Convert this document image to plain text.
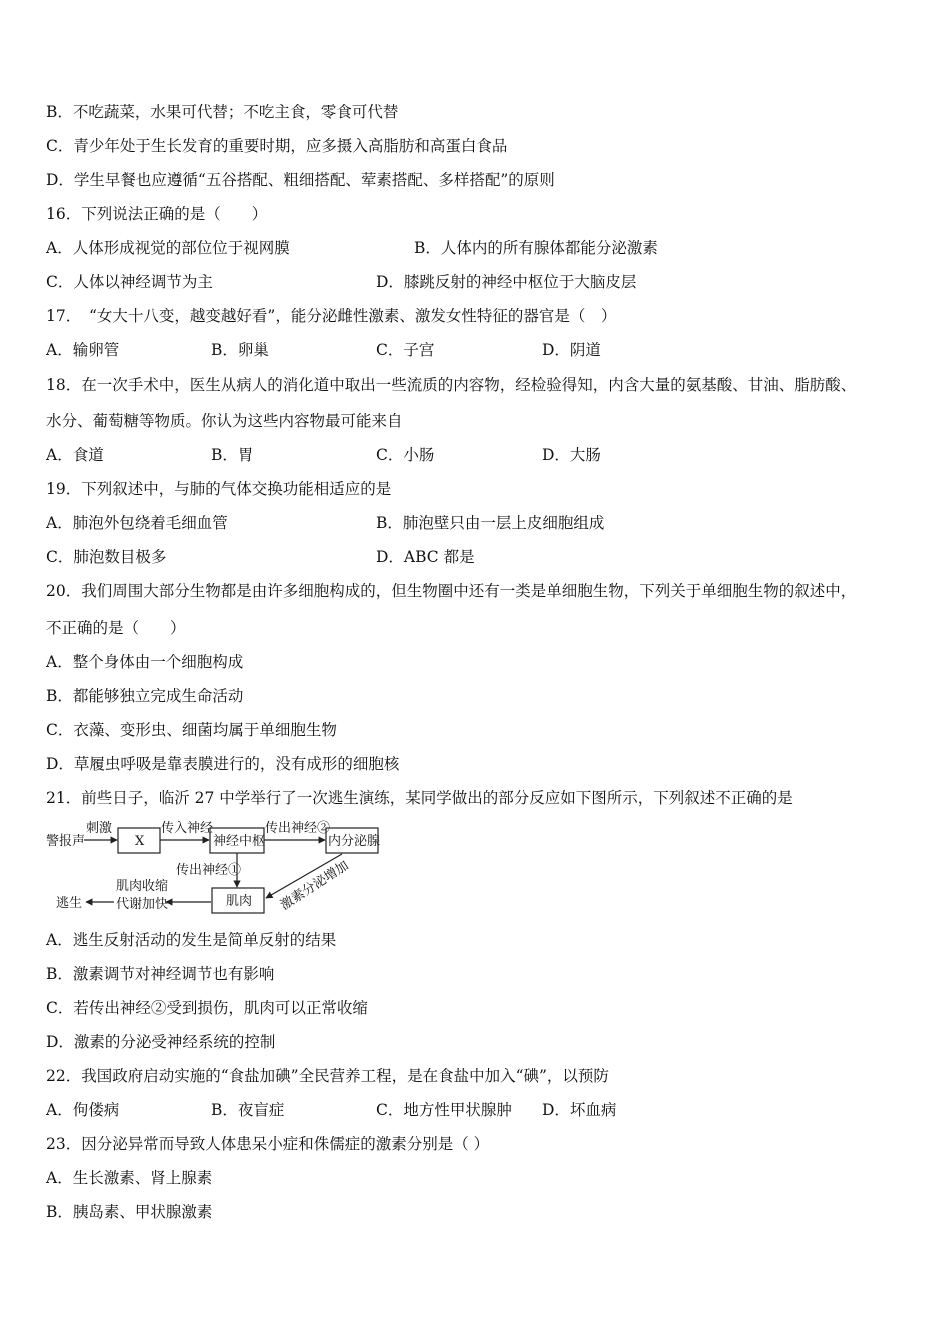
B．不吃蔬菜，水果可代替；不吃主食，零食可代替
C．青少年处于生长发育的重要时期，应多摄入高脂肪和高蛋白食品
D．学生早餐也应遵循“五谷搭配、粗细搭配、荤素搭配、多样搭配”的原则
16．下列说法正确的是（　　）
A．人体形成视觉的部位位于视网膜	B．人体内的所有腺体都能分泌激素
C．人体以神经调节为主	D．膝跳反射的神经中枢位于大脑皮层
17．　“女大十八变，越变越好看”，能分泌雌性激素、激发女性特征的器官是（　）
A．输卵管	B．卵巢	C．子宫	D．阴道
18．在一次手术中，医生从病人的消化道中取出一些流质的内容物，经检验得知，内含大量的氨基酸、甘油、脂肪酸、
水分、葡萄糖等物质。你认为这些内容物最可能来自
A．食道	B．胃	C．小肠	D．大肠
19．下列叙述中，与肺的气体交换功能相适应的是
A．肺泡外包绕着毛细血管	B．肺泡壁只由一层上皮细胞组成
C．肺泡数目极多	D．ABC 都是
20．我们周围大部分生物都是由许多细胞构成的，但生物圈中还有一类是单细胞生物，下列关于单细胞生物的叙述中，
不正确的是（　　）
A．整个身体由一个细胞构成
B．都能够独立完成生命活动
C．衣藻、变形虫、细菌均属于单细胞生物
D．草履虫呼吸是靠表膜进行的，没有成形的细胞核
21．前些日子，临沂 27 中学举行了一次逃生演练，某同学做出的部分反应如下图所示，下列叙述不正确的是
警报声
刺激
X
传入神经
神经中枢
传出神经②
内分泌腺
传出神经①
肌肉 激素分泌增加
肌肉收缩
代谢加快
逃生
A．逃生反射活动的发生是简单反射的结果
B．激素调节对神经调节也有影响
C．若传出神经②受到损伤，肌肉可以正常收缩
D．激素的分泌受神经系统的控制
22．我国政府启动实施的“食盐加碘”全民营养工程，是在食盐中加入“碘”，以预防
A．佝偻病	B．夜盲症	C．地方性甲状腺肿 D．坏血病
23．因分泌异常而导致人体患呆小症和侏儒症的激素分别是（ ）
A．生长激素、肾上腺素
B．胰岛素、甲状腺激素
